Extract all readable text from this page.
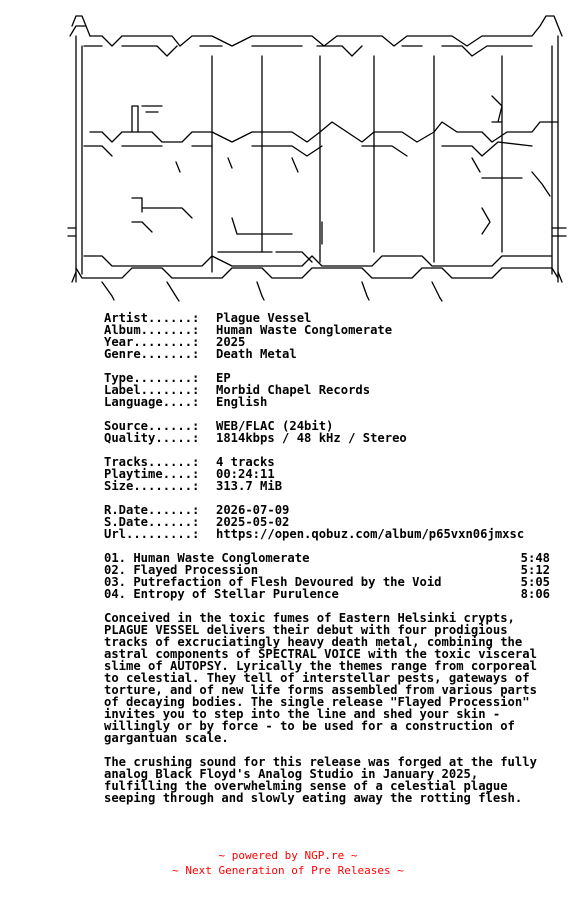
Artist......: Plague Vessel
Album.......: Human Waste Conglomerate
Year........: 2025
Genre.......: Death Metal
Type........: EP
Label.......: Morbid Chapel Records
Language....: English
Source......: WEB/FLAC (24bit)
Quality.....: 1814kbps / 48 kHz / Stereo
Tracks......: 4 tracks
Playtime....: 00:24:11
Size........: 313.7 MiB
R.Date......: 2026-07-09
S.Date......: 2025-05-02
Url.........: https://open.qobuz.com/album/p65vxn06jmxsc
01. Human Waste Conglomerate	5:48
02. Flayed Procession	5:12
03. Putrefaction of Flesh Devoured by the Void	5:05
04. Entropy of Stellar Purulence	8:06
Conceived in the toxic fumes of Eastern Helsinki crypts, PLAGUE VESSEL delivers their debut with four prodigious tracks of excruciatingly heavy death metal, combining the astral components of SPECTRAL VOICE with the toxic visceral slime of AUTOPSY. Lyrically the themes range from corporeal to celestial. They tell of interstellar pests, gateways of torture, and of new life forms assembled from various parts of decaying bodies. The single release "Flayed Procession" invites you to step into the line and shed your skin - willingly or by force - to be used for a construction of gargantuan scale.
The crushing sound for this release was forged at the fully analog Black Floyd's Analog Studio in January 2025, fulfilling the overwhelming sense of a celestial plague seeping through and slowly eating away the rotting flesh.
~ powered by NGP.re ~
~ Next Generation of Pre Releases ~
